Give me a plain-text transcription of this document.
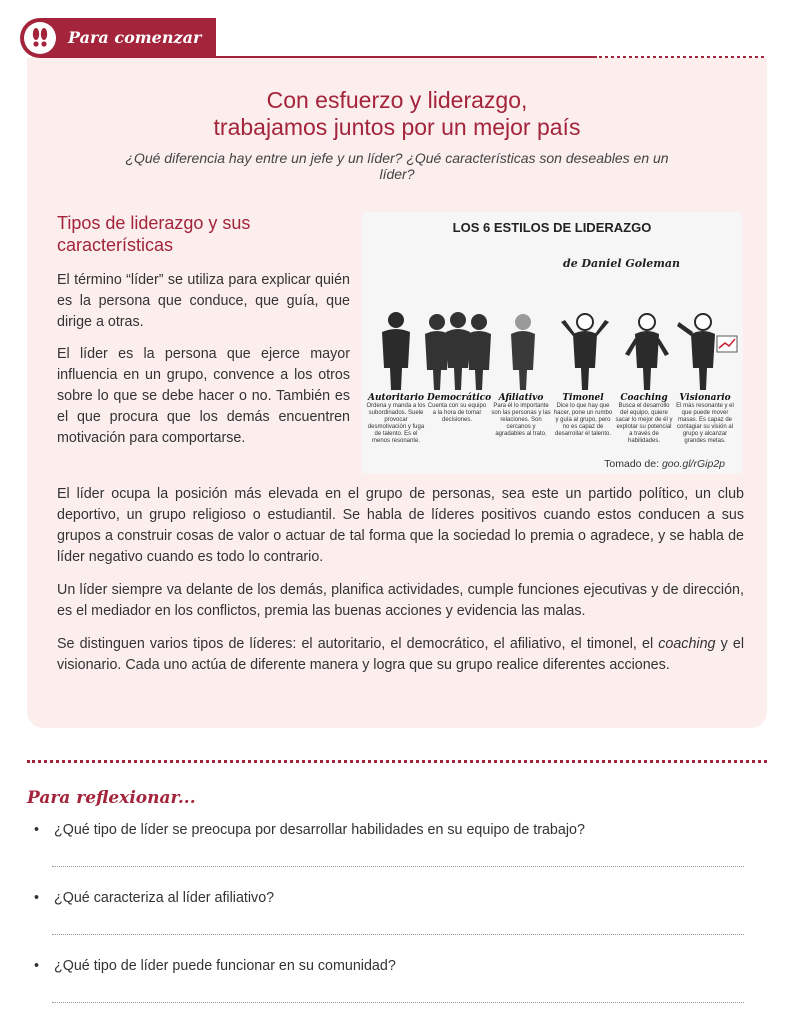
Para comenzar
Con esfuerzo y liderazgo,
trabajamos juntos por un mejor país
¿Qué diferencia hay entre un jefe y un líder? ¿Qué características son deseables en un líder?
Tipos de liderazgo y sus características

El término “líder” se utiliza para explicar quién es la persona que conduce, que guía, que dirige a otras.

El líder es la persona que ejerce mayor influencia en un grupo, convence a los otros sobre lo que se debe hacer o no. También es el que procura que los demás encuentren motivación para comportarse.

El líder ocupa la posición más elevada en el grupo de personas, sea este un partido político, un club deportivo, un grupo religioso o estudiantil. Se habla de líderes positivos cuando estos conducen a sus grupos a construir cosas de valor o actuar de tal forma que la sociedad lo premia o agradece, y se habla de líder negativo cuando es todo lo contrario.

Un líder siempre va delante de los demás, planifica actividades, cumple funciones ejecutivas y de dirección, es el mediador en los conflictos, premia las buenas acciones y evidencia las malas.

Se distinguen varios tipos de líderes: el autoritario, el democrático, el afiliativo, el timonel, el coaching y el visionario. Cada uno actúa de diferente manera y logra que su grupo realice diferentes acciones.

LOS 6 ESTILOS DE LIDERAZGO
de Daniel Goleman
Autoritario
Ordena y manda a los subordinados. Suele provocar desmotivación y fuga de talento. Es el menos resonante.
Democrático
Cuenta con su equipo a la hora de tomar decisiones.
Afiliativo
Para él lo importante son las personas y las relaciones. Son cercanos y agradables al trato.
Timonel
Dice lo que hay que hacer, pone un rumbo y guía al grupo, pero no es capaz de desarrollar el talento.
Coaching
Busca el desarrollo del equipo, quiere sacar lo mejor de él y explotar su potencial a través de habilidades.
Visionario
El más resonante y el que puede mover masas. Es capaz de contagiar su visión al grupo y alcanzar grandes metas.
Tomado de: goo.gl/rGip2p
Para reflexionar...
• ¿Qué tipo de líder se preocupa por desarrollar habilidades en su equipo de trabajo?
• ¿Qué caracteriza al líder afiliativo?
• ¿Qué tipo de líder puede funcionar en su comunidad?
